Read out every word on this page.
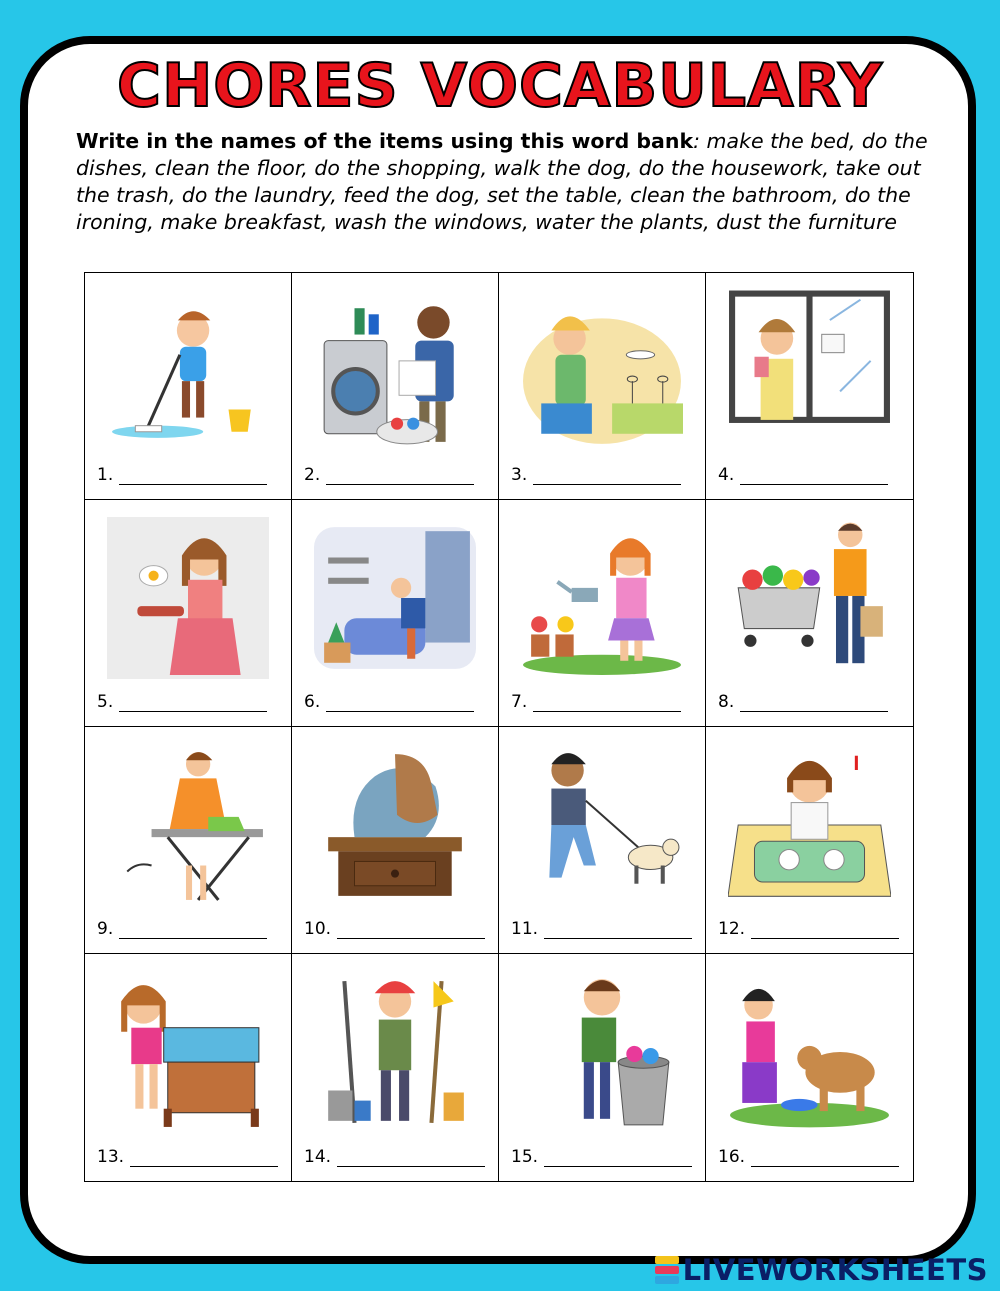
CHORES VOCABULARY
Write in the names of the items using this word bank: make the bed, do the dishes, clean the floor, do the shopping, walk the dog, do the housework, take out the trash, do the laundry, feed the dog, set the table, clean the bathroom, do the ironing, make breakfast, wash the windows, water the plants, dust the furniture
1.	2.	3.	4.
5.	6.	7.	8.
9.	10.	11.	12.
13.	14.	15.	16.
LIVEWORKSHEETS
